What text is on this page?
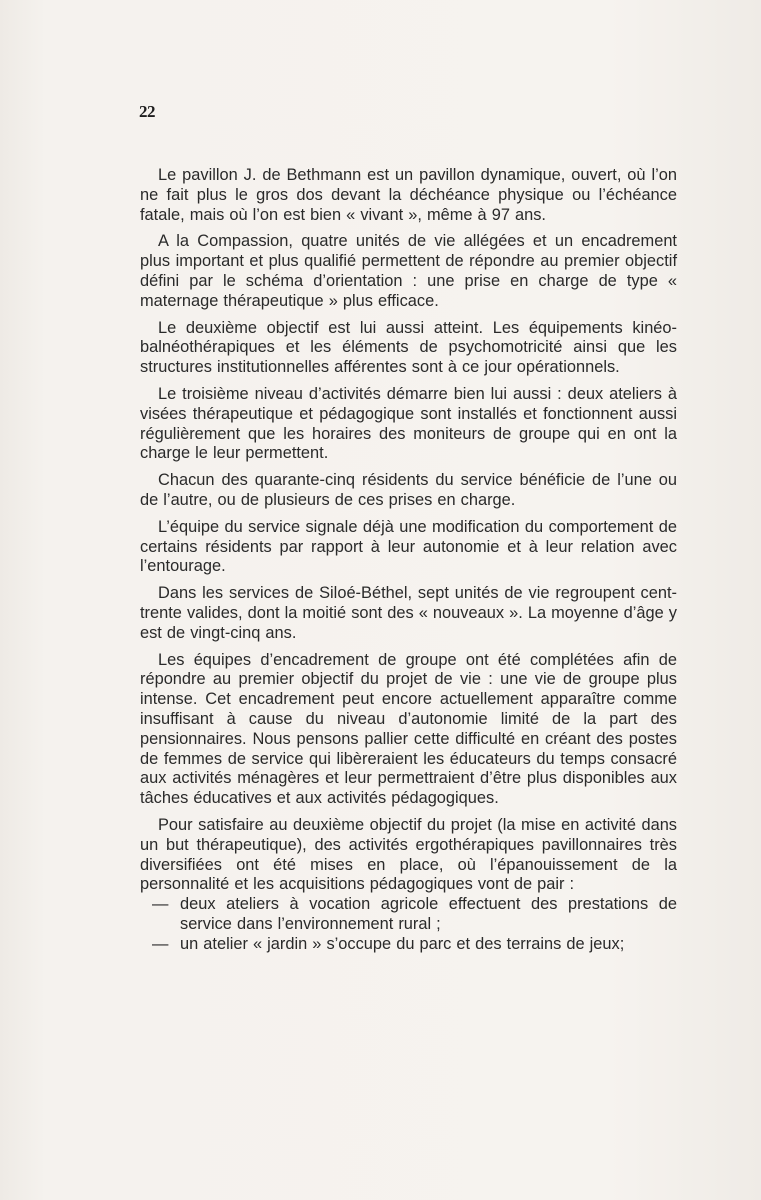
22

Le pavillon J. de Bethmann est un pavillon dynamique, ouvert, où l’on ne fait plus le gros dos devant la déchéance physique ou l’échéance fatale, mais où l’on est bien « vivant », même à 97 ans.

A la Compassion, quatre unités de vie allégées et un encadrement plus important et plus qualifié permettent de répondre au premier objectif défini par le schéma d’orientation : une prise en charge de type « maternage thérapeutique » plus efficace.

Le deuxième objectif est lui aussi atteint. Les équipements kinéo-balnéothérapiques et les éléments de psychomotricité ainsi que les structures institutionnelles afférentes sont à ce jour opérationnels.

Le troisième niveau d’activités démarre bien lui aussi : deux ateliers à visées thérapeutique et pédagogique sont installés et fonctionnent aussi régulièrement que les horaires des moniteurs de groupe qui en ont la charge le leur permettent.

Chacun des quarante-cinq résidents du service bénéficie de l’une ou de l’autre, ou de plusieurs de ces prises en charge.

L’équipe du service signale déjà une modification du comportement de certains résidents par rapport à leur autonomie et à leur relation avec l’entourage.

Dans les services de Siloé-Béthel, sept unités de vie regroupent cent-trente valides, dont la moitié sont des « nouveaux ». La moyenne d’âge y est de vingt-cinq ans.

Les équipes d’encadrement de groupe ont été complétées afin de répondre au premier objectif du projet de vie : une vie de groupe plus intense. Cet encadrement peut encore actuellement apparaître comme insuffisant à cause du niveau d’autonomie limité de la part des pensionnaires. Nous pensons pallier cette difficulté en créant des postes de femmes de service qui libèreraient les éducateurs du temps consacré aux activités ménagères et leur permettraient d’être plus disponibles aux tâches éducatives et aux activités pédagogiques.

Pour satisfaire au deuxième objectif du projet (la mise en activité dans un but thérapeutique), des activités ergothérapiques pavillonnaires très diversifiées ont été mises en place, où l’épanouissement de la personnalité et les acquisitions pédagogiques vont de pair :

— deux ateliers à vocation agricole effectuent des prestations de service dans l’environnement rural ;
— un atelier « jardin » s’occupe du parc et des terrains de jeux;
